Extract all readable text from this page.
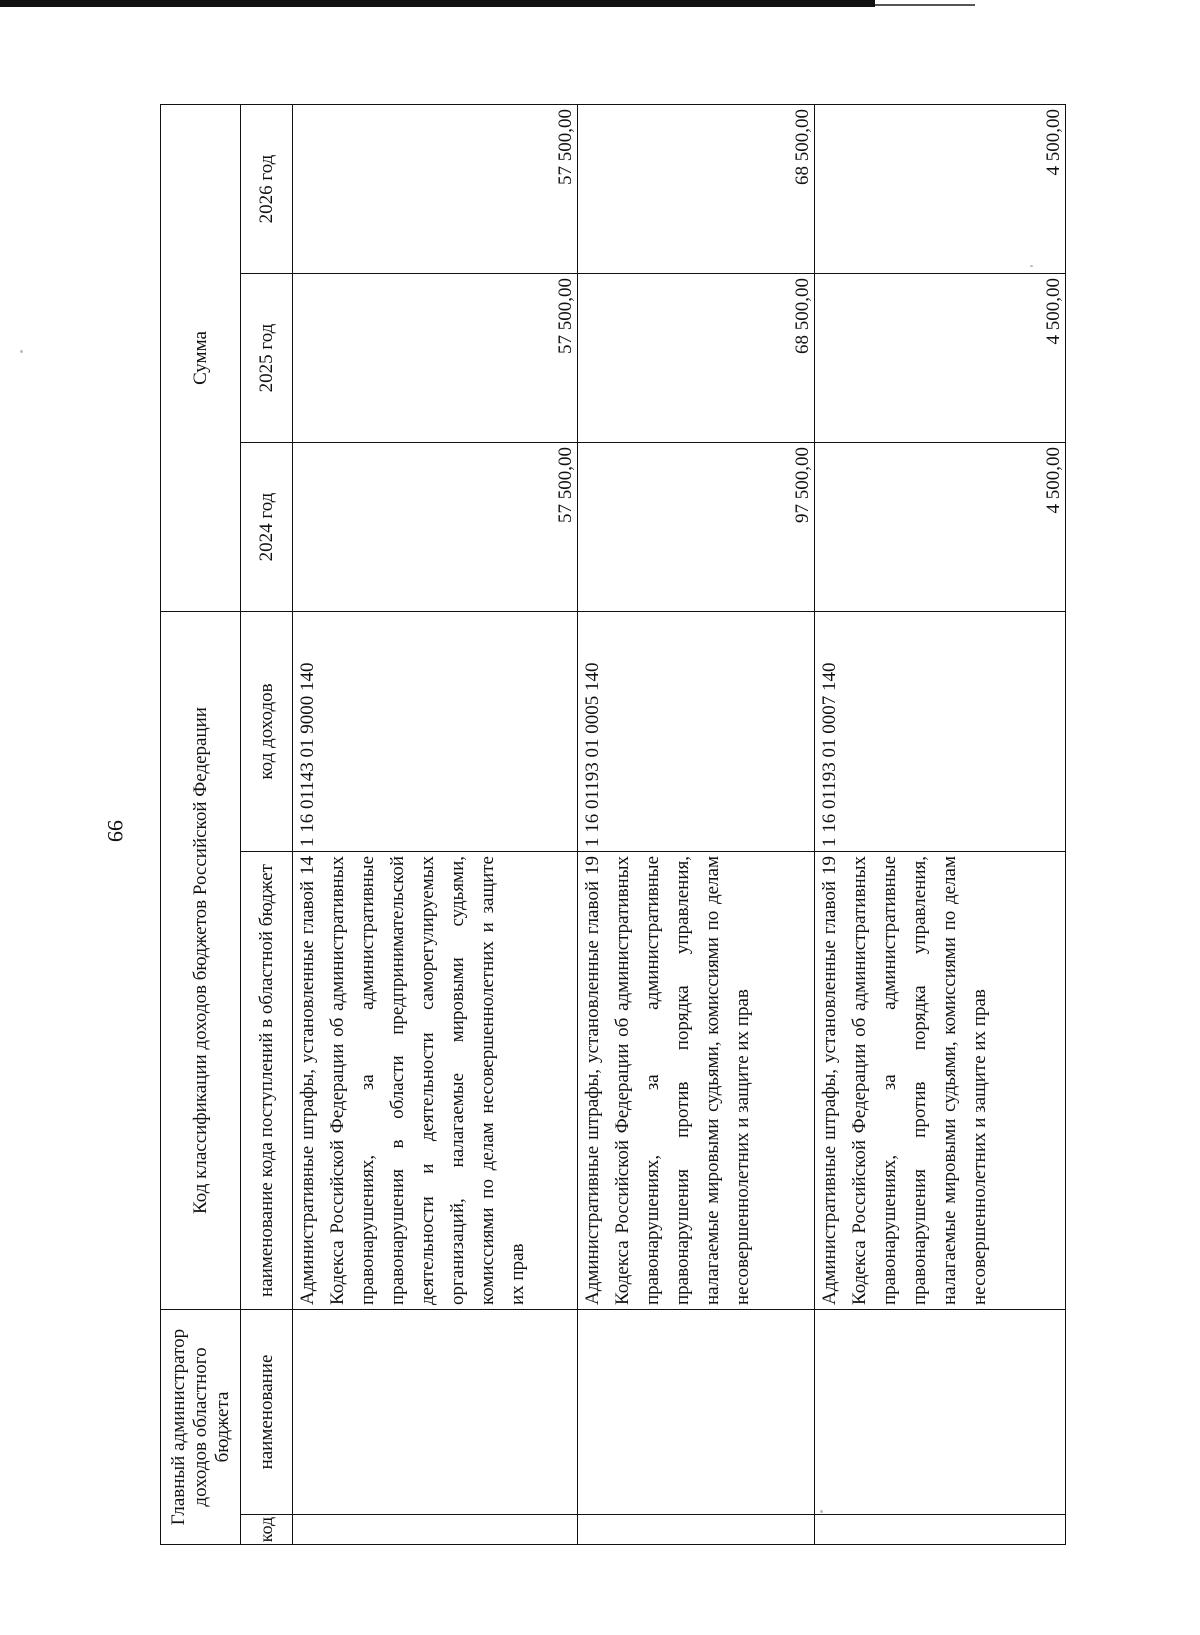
99
Главный администратор доходов областного бюджета		Код классификации доходов бюджетов Российской Федерации		Сумма		
код	наименование	наименование кода поступлений в областной бюджет	код доходов	2024 год	2025 год	2026 год
		Административные штрафы, установленные главой 14 Кодекса Российской Федерации об административных правонарушениях, за административные правонарушения в области предпринимательской деятельности и деятельности саморегулируемых организаций, налагаемые мировыми судьями, комиссиями по делам несовершеннолетних и защите их прав	1 16 01143 01 9000 140	57 500,00	57 500,00	57 500,00
		Административные штрафы, установленные главой 19 Кодекса Российской Федерации об административных правонарушениях, за административные правонарушения против порядка управления, налагаемые мировыми судьями, комиссиями по делам несовершеннолетних и защите их прав	1 16 01193 01 0005 140	97 500,00	68 500,00	68 500,00
		Административные штрафы, установленные главой 19 Кодекса Российской Федерации об административных правонарушениях, за административные правонарушения против порядка управления, налагаемые мировыми судьями, комиссиями по делам несовершеннолетних и защите их прав	1 16 01193 01 0007 140	4 500,00	4 500,00	4 500,00
